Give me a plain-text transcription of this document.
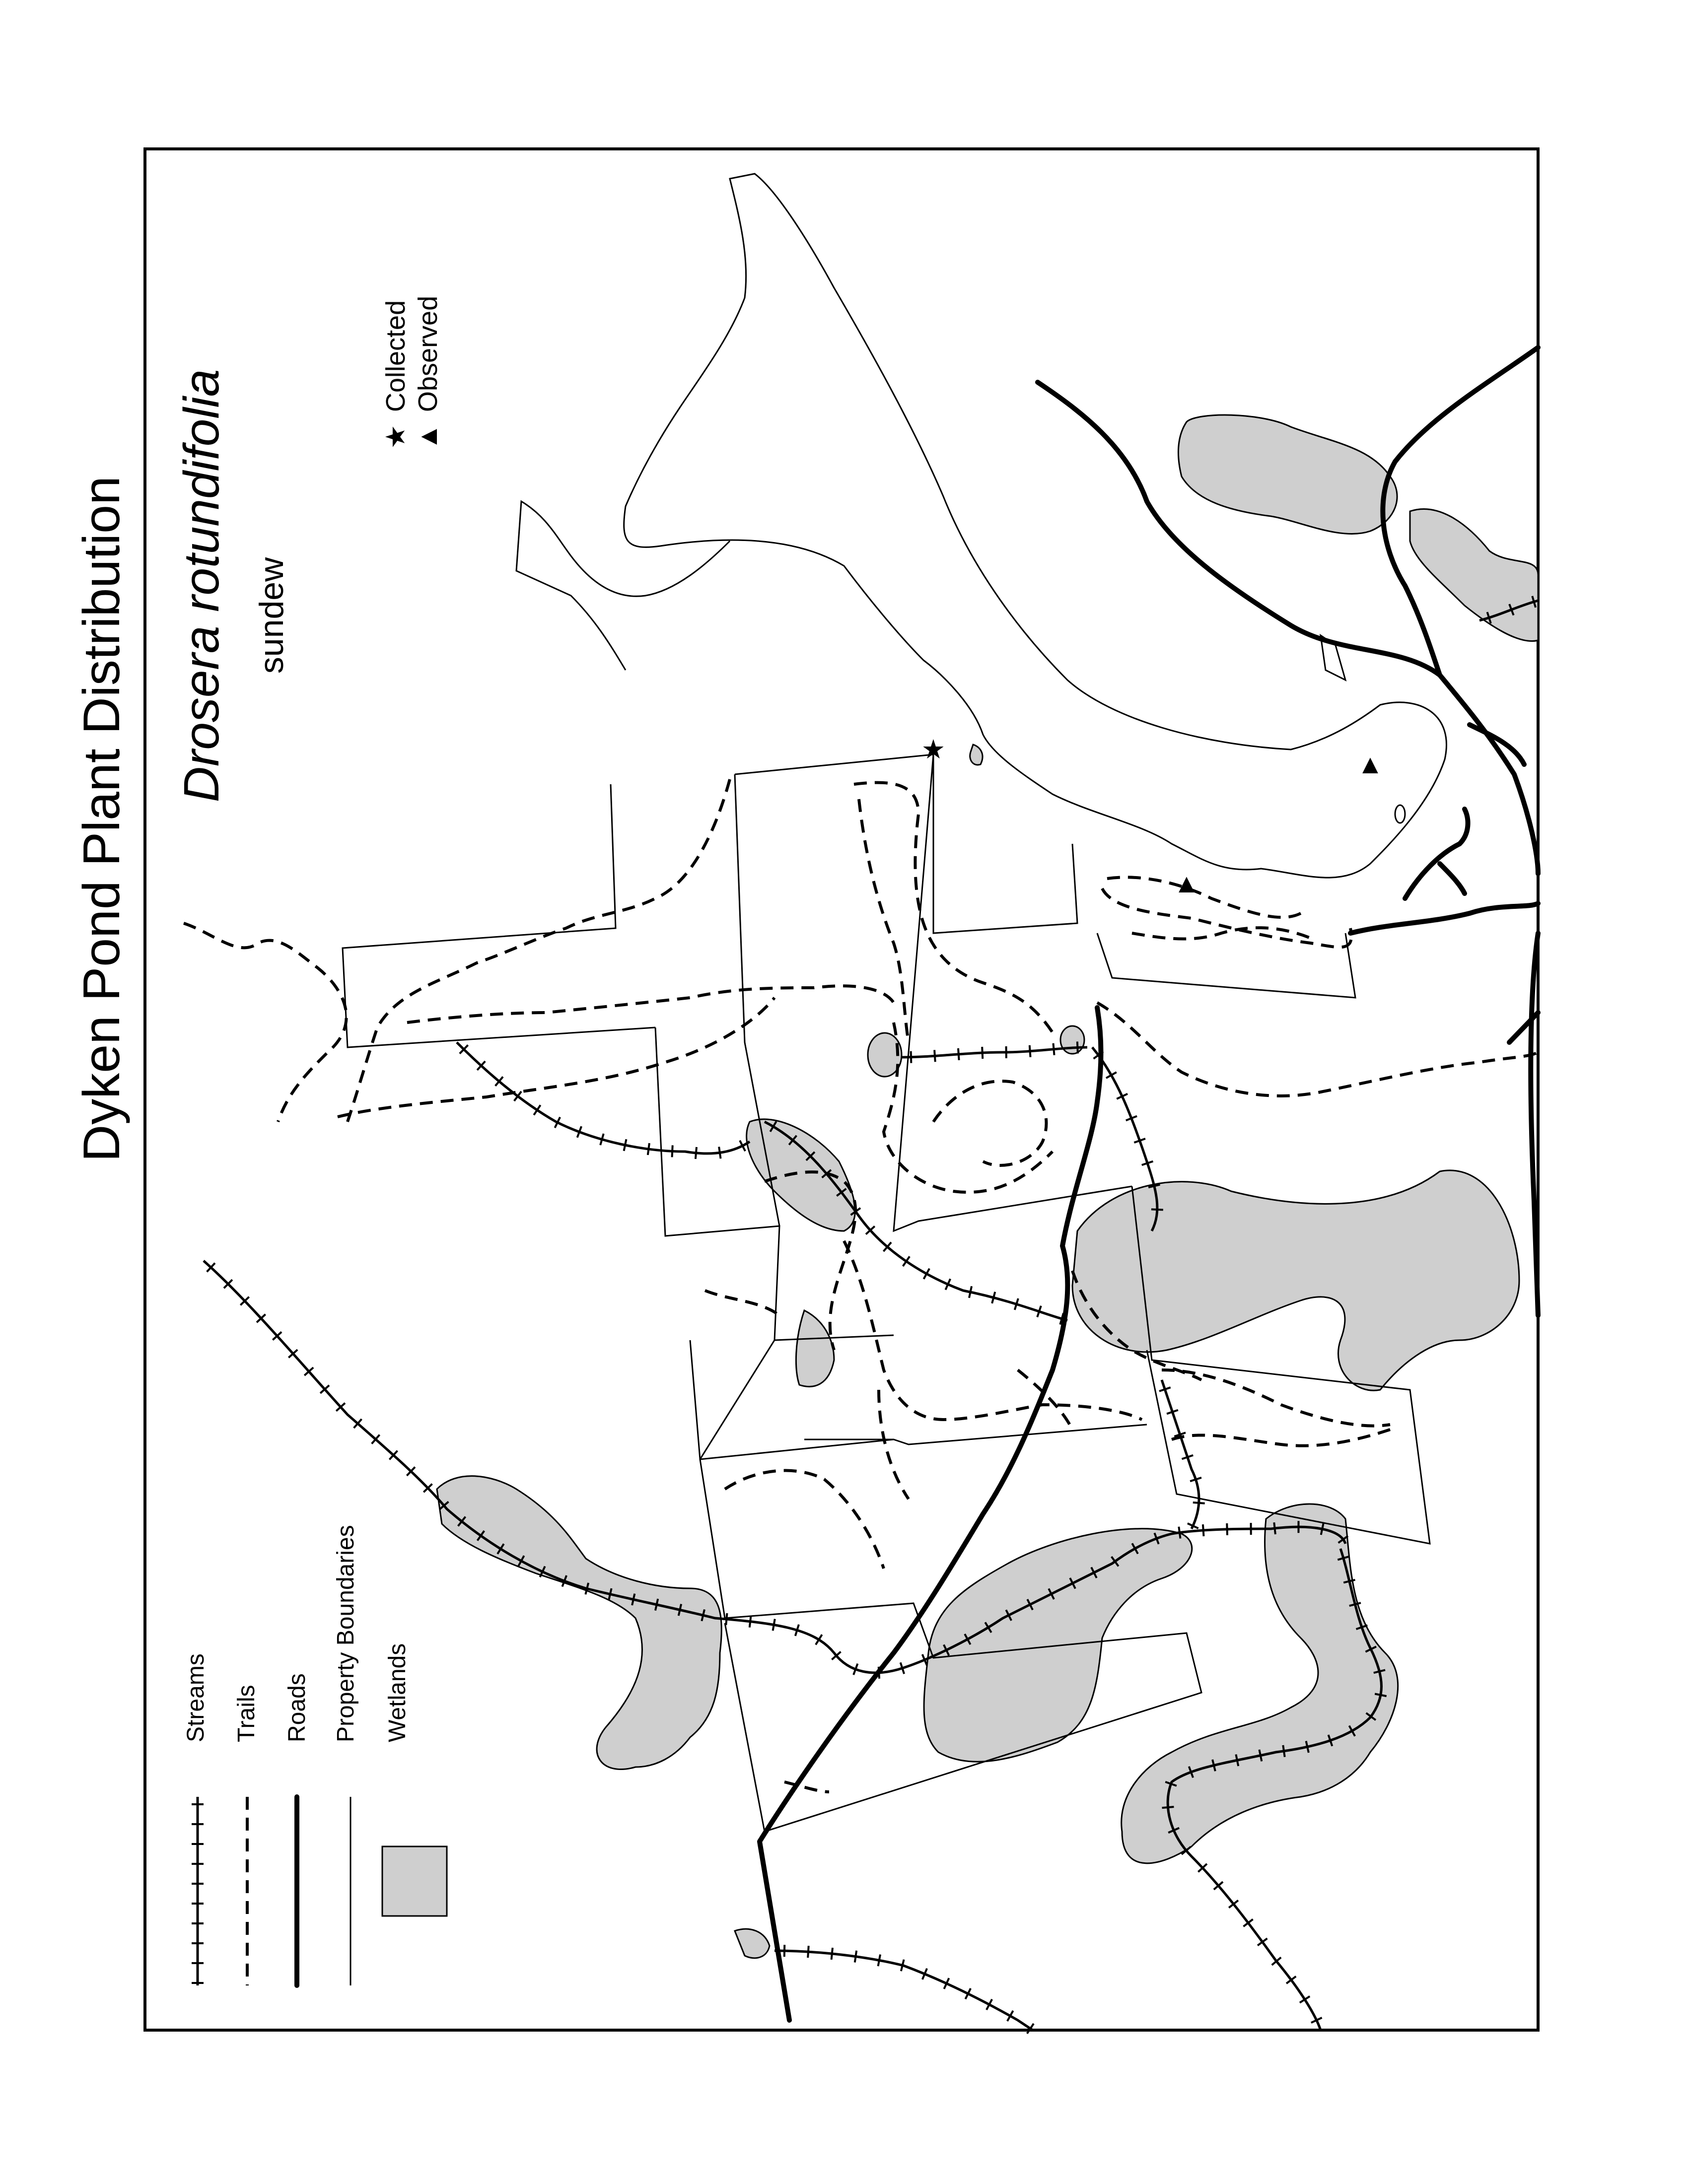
Dyken Pond Plant Distribution Drosera rotundifolia sundew
★
Collected
▲
Observed
★	▲
▲
Streams Trails Roads Property Boundaries Wetlands
